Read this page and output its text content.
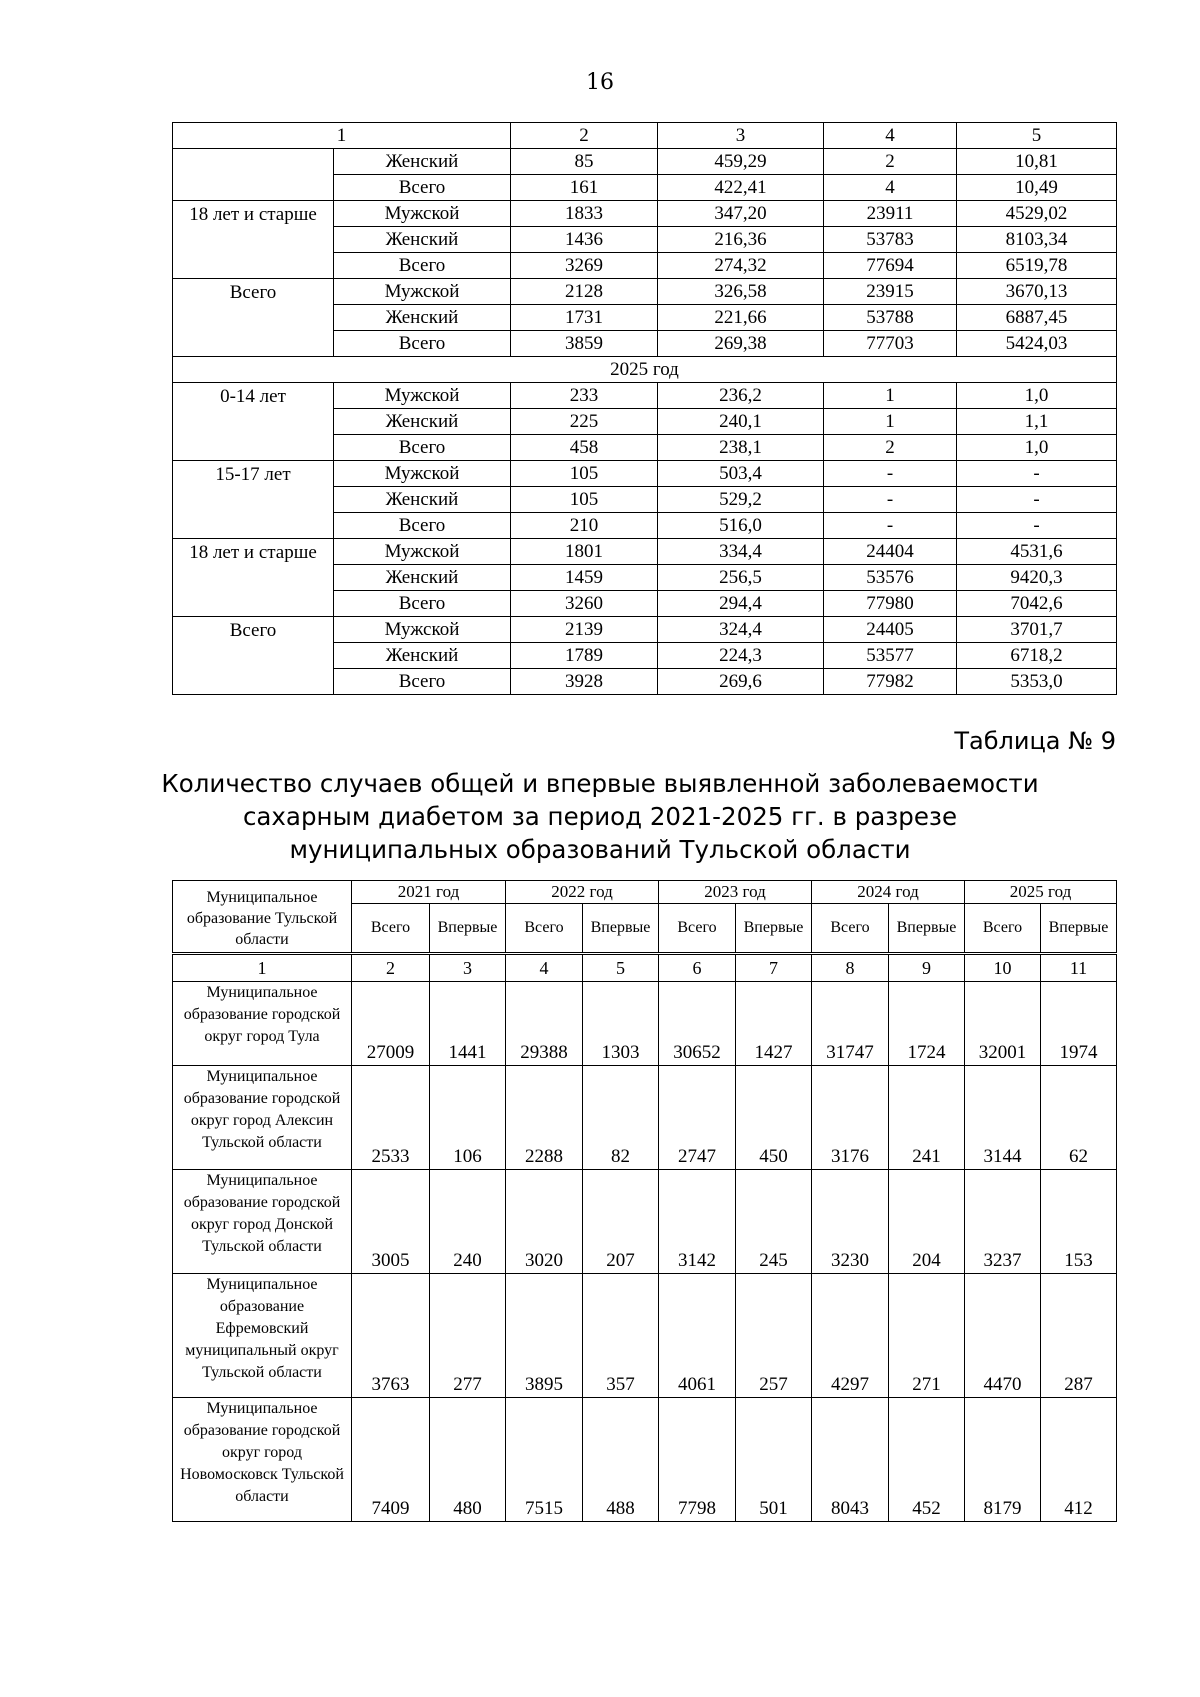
16
1		2	3	4	5
	Женский	85	459,29	2	10,81
	Всего	161	422,41	4	10,49
18 лет и старше	Мужской	1833	347,20	23911	4529,02
	Женский	1436	216,36	53783	8103,34
	Всего	3269	274,32	77694	6519,78
Всего	Мужской	2128	326,58	23915	3670,13
	Женский	1731	221,66	53788	6887,45
	Всего	3859	269,38	77703	5424,03
2025 год					
0-14 лет	Мужской	233	236,2	1	1,0
	Женский	225	240,1	1	1,1
	Всего	458	238,1	2	1,0
15-17 лет	Мужской	105	503,4	-	-
	Женский	105	529,2	-	-
	Всего	210	516,0	-	-
18 лет и старше	Мужской	1801	334,4	24404	4531,6
	Женский	1459	256,5	53576	9420,3
	Всего	3260	294,4	77980	7042,6
Всего	Мужской	2139	324,4	24405	3701,7
	Женский	1789	224,3	53577	6718,2
	Всего	3928	269,6	77982	5353,0
Таблица № 9
Количество случаев общей и впервые выявленной заболеваемости сахарным диабетом за период 2021-2025 гг. в разрезе муниципальных образований Тульской области
Муниципальное образование Тульской области	2021 год		2022 год		2023 год		2024 год		2025 год	
	Всего	Впервые	Всего	Впервые	Всего	Впервые	Всего	Впервые	Всего	Впервые
1	2	3	4	5	6	7	8	9	10	11
Муниципальное образование городской округ город Тула	27009	1441	29388	1303	30652	1427	31747	1724	32001	1974
Муниципальное образование городской округ город Алексин Тульской области	2533	106	2288	82	2747	450	3176	241	3144	62
Муниципальное образование городской округ город Донской Тульской области	3005	240	3020	207	3142	245	3230	204	3237	153
Муниципальное образование Ефремовский муниципальный округ Тульской области	3763	277	3895	357	4061	257	4297	271	4470	287
Муниципальное образование городской округ город Новомосковск Тульской области	7409	480	7515	488	7798	501	8043	452	8179	412
